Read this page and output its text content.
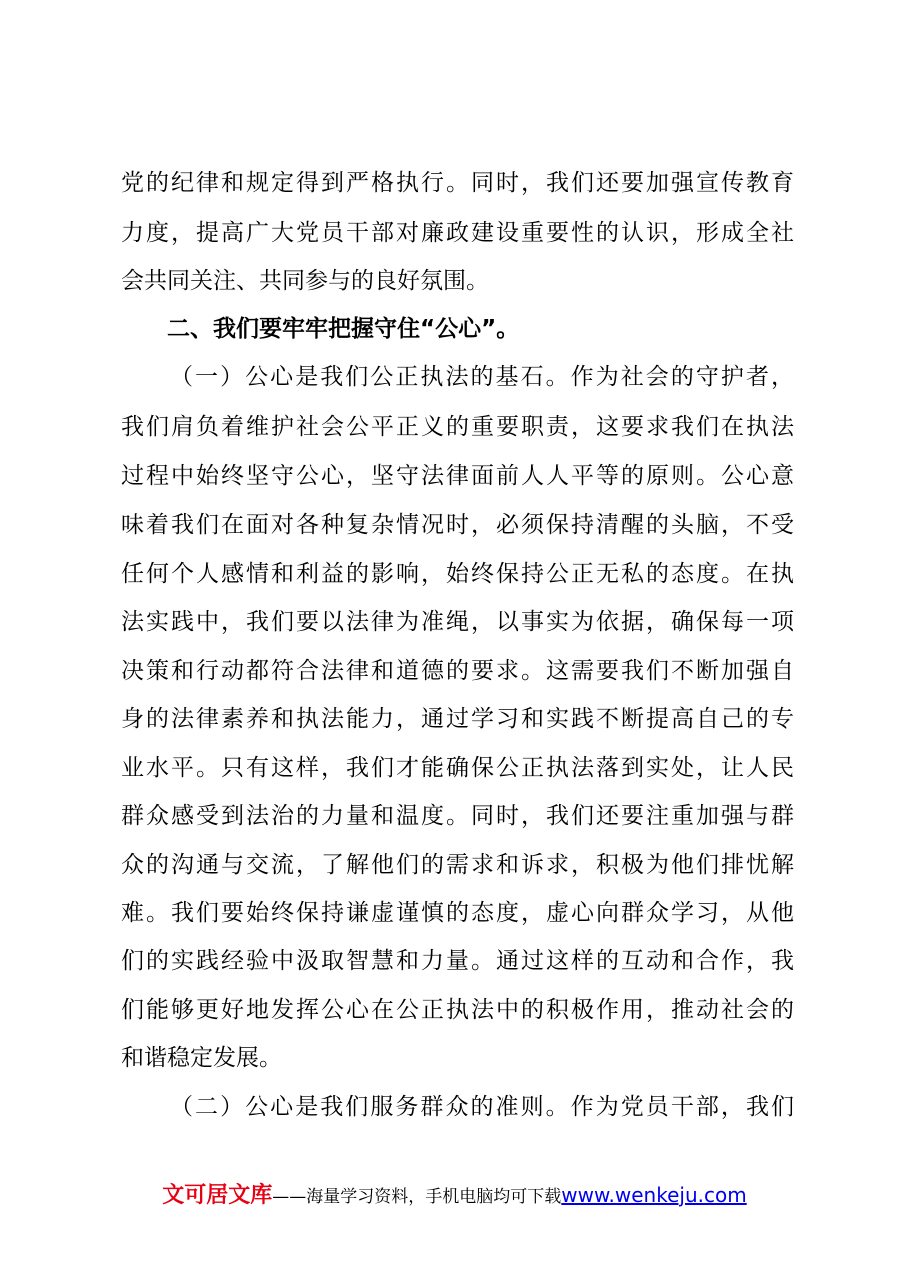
党的纪律和规定得到严格执行。同时，我们还要加强宣传教育
力度，提高广大党员干部对廉政建设重要性的认识，形成全社
会共同关注、共同参与的良好氛围。
二、我们要牢牢把握守住“公心”。
（一）公心是我们公正执法的基石。作为社会的守护者，
我们肩负着维护社会公平正义的重要职责，这要求我们在执法
过程中始终坚守公心，坚守法律面前人人平等的原则。公心意
味着我们在面对各种复杂情况时，必须保持清醒的头脑，不受
任何个人感情和利益的影响，始终保持公正无私的态度。在执
法实践中，我们要以法律为准绳，以事实为依据，确保每一项
决策和行动都符合法律和道德的要求。这需要我们不断加强自
身的法律素养和执法能力，通过学习和实践不断提高自己的专
业水平。只有这样，我们才能确保公正执法落到实处，让人民
群众感受到法治的力量和温度。同时，我们还要注重加强与群
众的沟通与交流，了解他们的需求和诉求，积极为他们排忧解
难。我们要始终保持谦虚谨慎的态度，虚心向群众学习，从他
们的实践经验中汲取智慧和力量。通过这样的互动和合作，我
们能够更好地发挥公心在公正执法中的积极作用，推动社会的
和谐稳定发展。
（二）公心是我们服务群众的准则。作为党员干部，我们
文可居文库——海量学习资料，手机电脑均可下载www.wenkeju.com
